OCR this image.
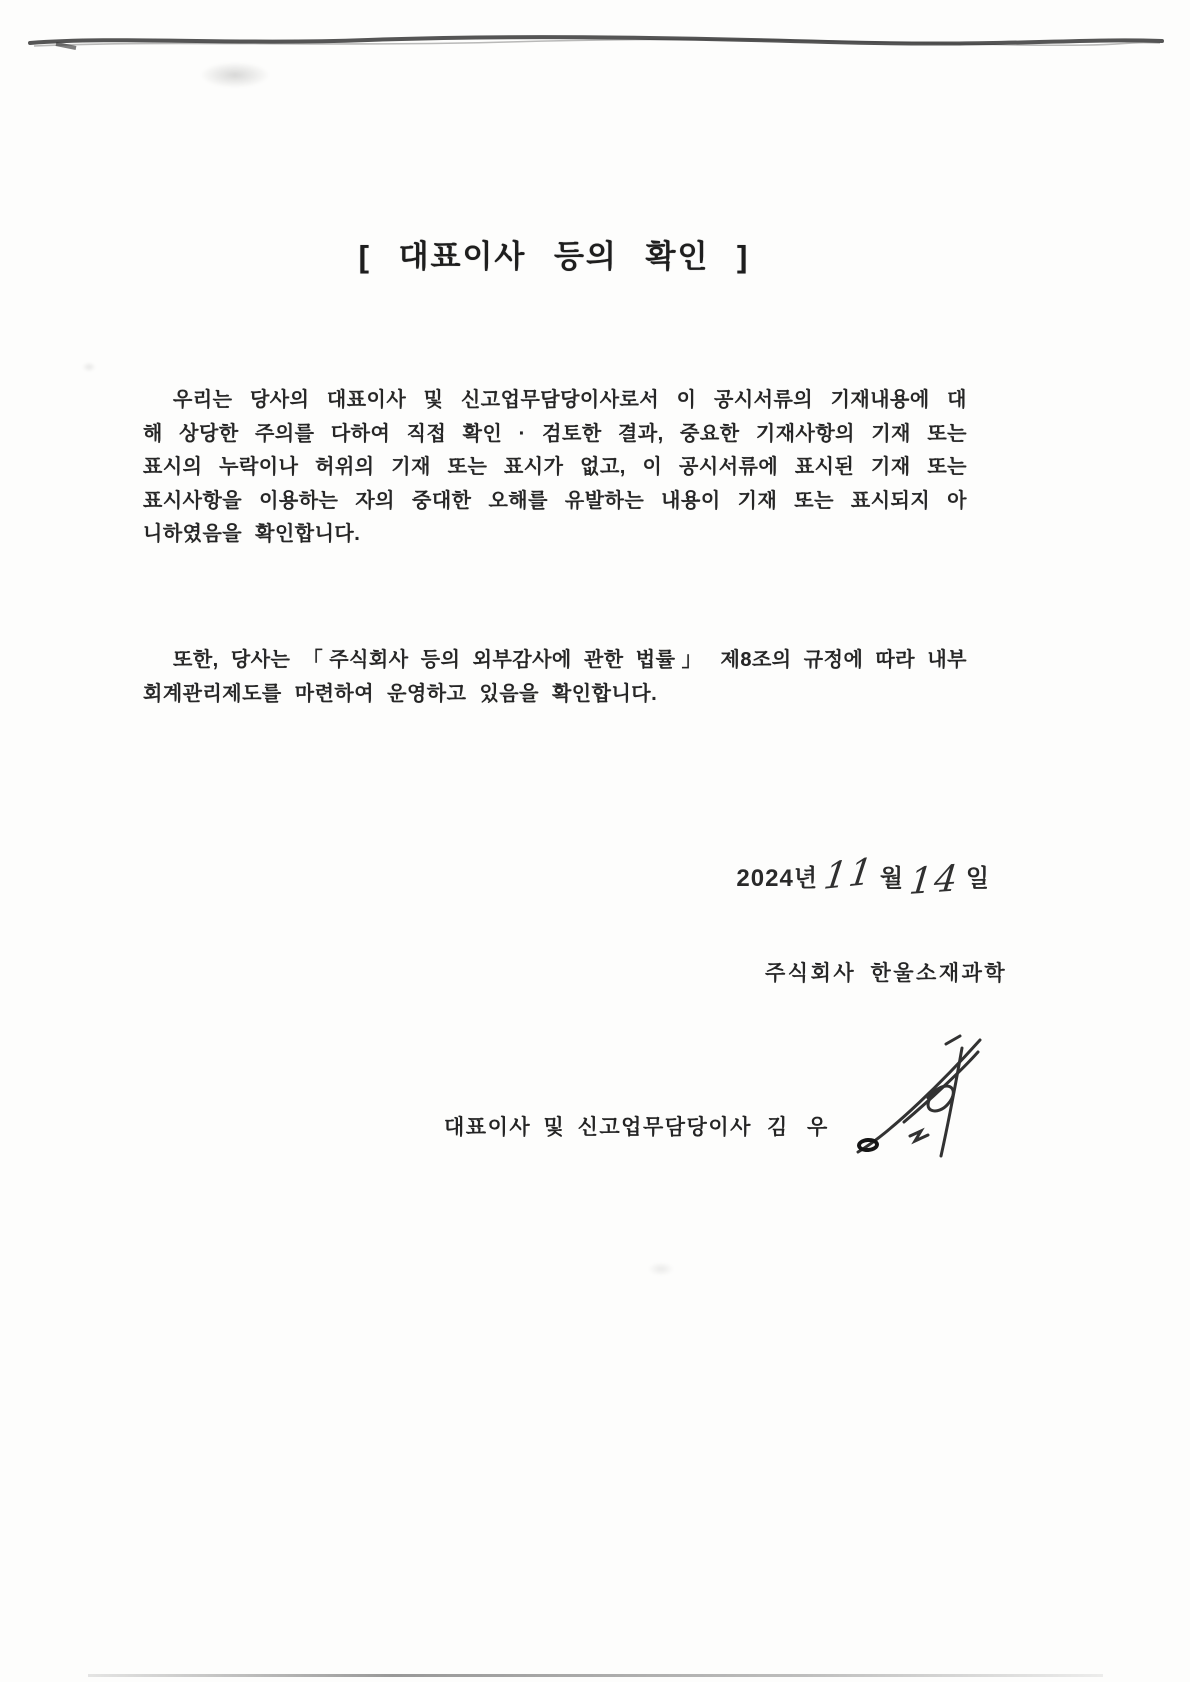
[ 대표이사 등의 확인 ]
우리는 당사의 대표이사 및 신고업무담당이사로서 이 공시서류의 기재내용에 대
해 상당한 주의를 다하여 직접 확인 · 검토한 결과, 중요한 기재사항의 기재 또는
표시의 누락이나 허위의 기재 또는 표시가 없고, 이 공시서류에 표시된 기재 또는
표시사항을 이용하는 자의 중대한 오해를 유발하는 내용이 기재 또는 표시되지 아
니하였음을 확인합니다.
또한, 당사는 「주식회사 등의 외부감사에 관한 법률」 제8조의 규정에 따라 내부
회계관리제도를 마련하여 운영하고 있음을 확인합니다.
2024년 11 월 14 일
주식회사 한울소재과학
대표이사 및 신고업무담당이사 김 우
